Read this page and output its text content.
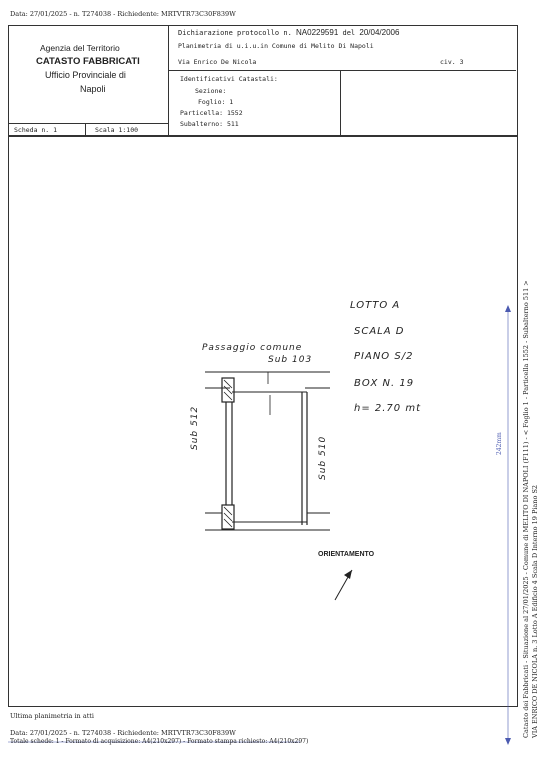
Data: 27/01/2025 - n. T274038 - Richiedente: MRTVTR73C30F839W
Agenzia del Territorio
CATASTO FABBRICATI
Ufficio Provinciale di
Napoli
Dichiarazione protocollo n. NA0229591 del 20/04/2006
Planimetria di u.i.u.in Comune di Melito Di Napoli
Via Enrico De Nicola	civ. 3
Identificativi Catastali:
Sezione:
Foglio: 1
Particella: 1552
Subalterno: 511
Scheda n. 1	Scala 1:100
LOTTO A
SCALA D
PIANO S/2
BOX N. 19
h= 2.70 mt
Passaggio comune
Sub 103
Sub 512
Sub 510
ORIENTAMENTO	Catasto dei Fabbricati - Situazione al 27/01/2025 - Comune di MELITO DI NAPOLI (F111) - < Foglio 1 - Particella 1552 - Subalterno 511 > VIA ENRICO DE NICOLA n. 3 Lotto A Edificio 4 Scala D Interno 19 Piano S2
242mm
Ultima planimetria in atti
Data: 27/01/2025 - n. T274038 - Richiedente: MRTVTR73C30F839W
Totale schede: 1 - Formato di acquisizione: A4(210x297) - Formato stampa richiesto: A4(210x297)
